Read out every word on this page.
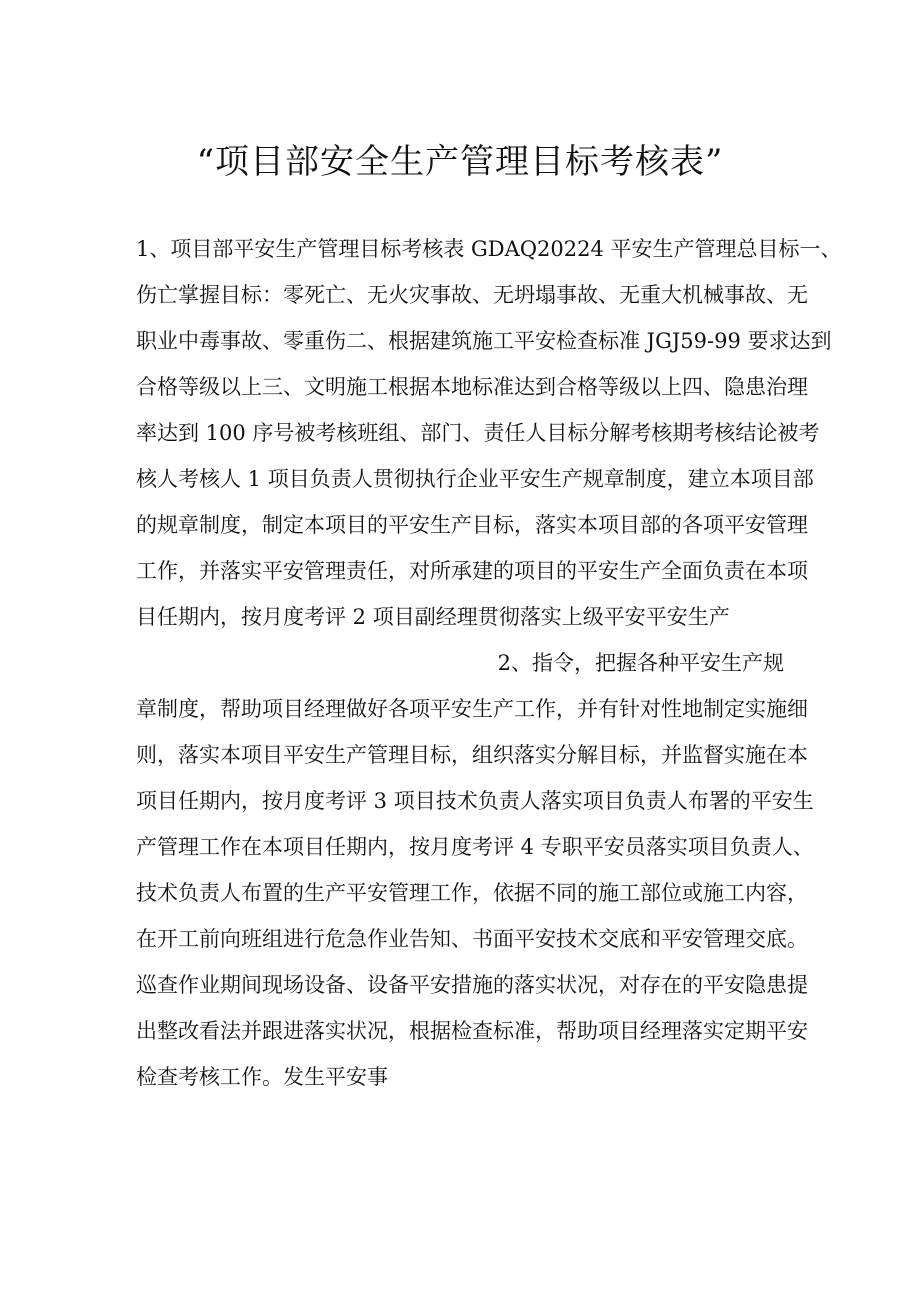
“项目部安全生产管理目标考核表”
1、项目部平安生产管理目标考核表 GDAQ20224 平安生产管理总目标一、
伤亡掌握目标：零死亡、无火灾事故、无坍塌事故、无重大机械事故、无
职业中毒事故、零重伤二、根据建筑施工平安检查标准 JGJ59-99 要求达到
合格等级以上三、文明施工根据本地标准达到合格等级以上四、隐患治理
率达到 100 序号被考核班组、部门、责任人目标分解考核期考核结论被考
核人考核人 1 项目负责人贯彻执行企业平安生产规章制度，建立本项目部
的规章制度，制定本项目的平安生产目标，落实本项目部的各项平安管理
工作，并落实平安管理责任，对所承建的项目的平安生产全面负责在本项
目任期内，按月度考评 2 项目副经理贯彻落实上级平安平安生产
2、指令，把握各种平安生产规
章制度，帮助项目经理做好各项平安生产工作，并有针对性地制定实施细
则，落实本项目平安生产管理目标，组织落实分解目标，并监督实施在本
项目任期内，按月度考评 3 项目技术负责人落实项目负责人布署的平安生
产管理工作在本项目任期内，按月度考评 4 专职平安员落实项目负责人、
技术负责人布置的生产平安管理工作，依据不同的施工部位或施工内容，
在开工前向班组进行危急作业告知、书面平安技术交底和平安管理交底。
巡查作业期间现场设备、设备平安措施的落实状况，对存在的平安隐患提
出整改看法并跟进落实状况，根据检查标准，帮助项目经理落实定期平安
检查考核工作。发生平安事
